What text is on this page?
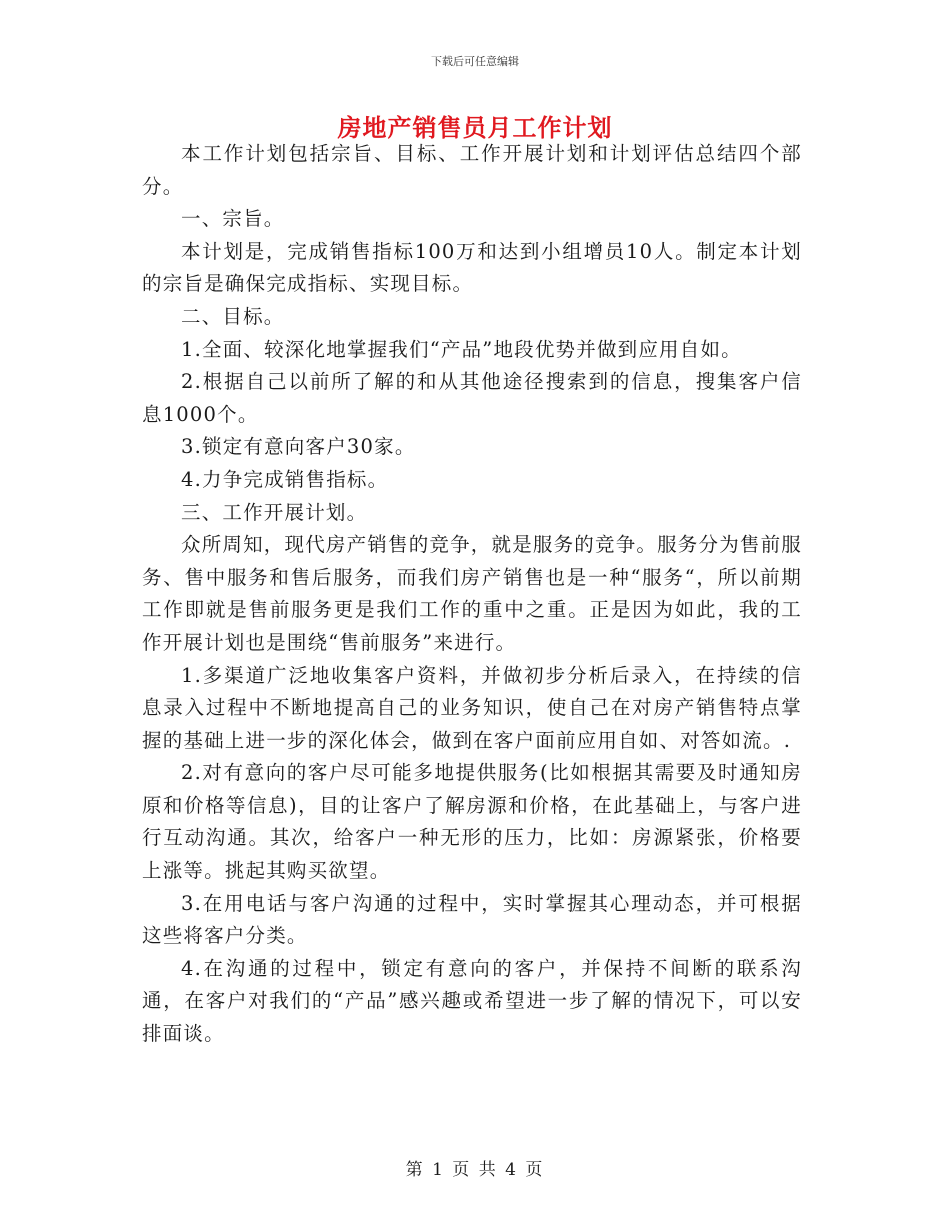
下载后可任意编辑
房地产销售员月工作计划

本工作计划包括宗旨、目标、工作开展计划和计划评估总结四个部分。

一、宗旨。

本计划是，完成销售指标100万和达到小组增员10人。制定本计划的宗旨是确保完成指标、实现目标。

二、目标。

1.全面、较深化地掌握我们“产品”地段优势并做到应用自如。

2.根据自己以前所了解的和从其他途径搜索到的信息，搜集客户信息1000个。

3.锁定有意向客户30家。

4.力争完成销售指标。

三、工作开展计划。

众所周知，现代房产销售的竞争，就是服务的竞争。服务分为售前服务、售中服务和售后服务，而我们房产销售也是一种“服务“，所以前期工作即就是售前服务更是我们工作的重中之重。正是因为如此，我的工作开展计划也是围绕“售前服务”来进行。

1.多渠道广泛地收集客户资料，并做初步分析后录入，在持续的信息录入过程中不断地提高自己的业务知识，使自己在对房产销售特点掌握的基础上进一步的深化体会，做到在客户面前应用自如、对答如流。.

2.对有意向的客户尽可能多地提供服务(比如根据其需要及时通知房原和价格等信息)，目的让客户了解房源和价格，在此基础上，与客户进行互动沟通。其次，给客户一种无形的压力，比如：房源紧张，价格要上涨等。挑起其购买欲望。

3.在用电话与客户沟通的过程中，实时掌握其心理动态，并可根据这些将客户分类。

4.在沟通的过程中，锁定有意向的客户，并保持不间断的联系沟通，在客户对我们的“产品”感兴趣或希望进一步了解的情况下，可以安排面谈。

第 1 页 共 4 页
